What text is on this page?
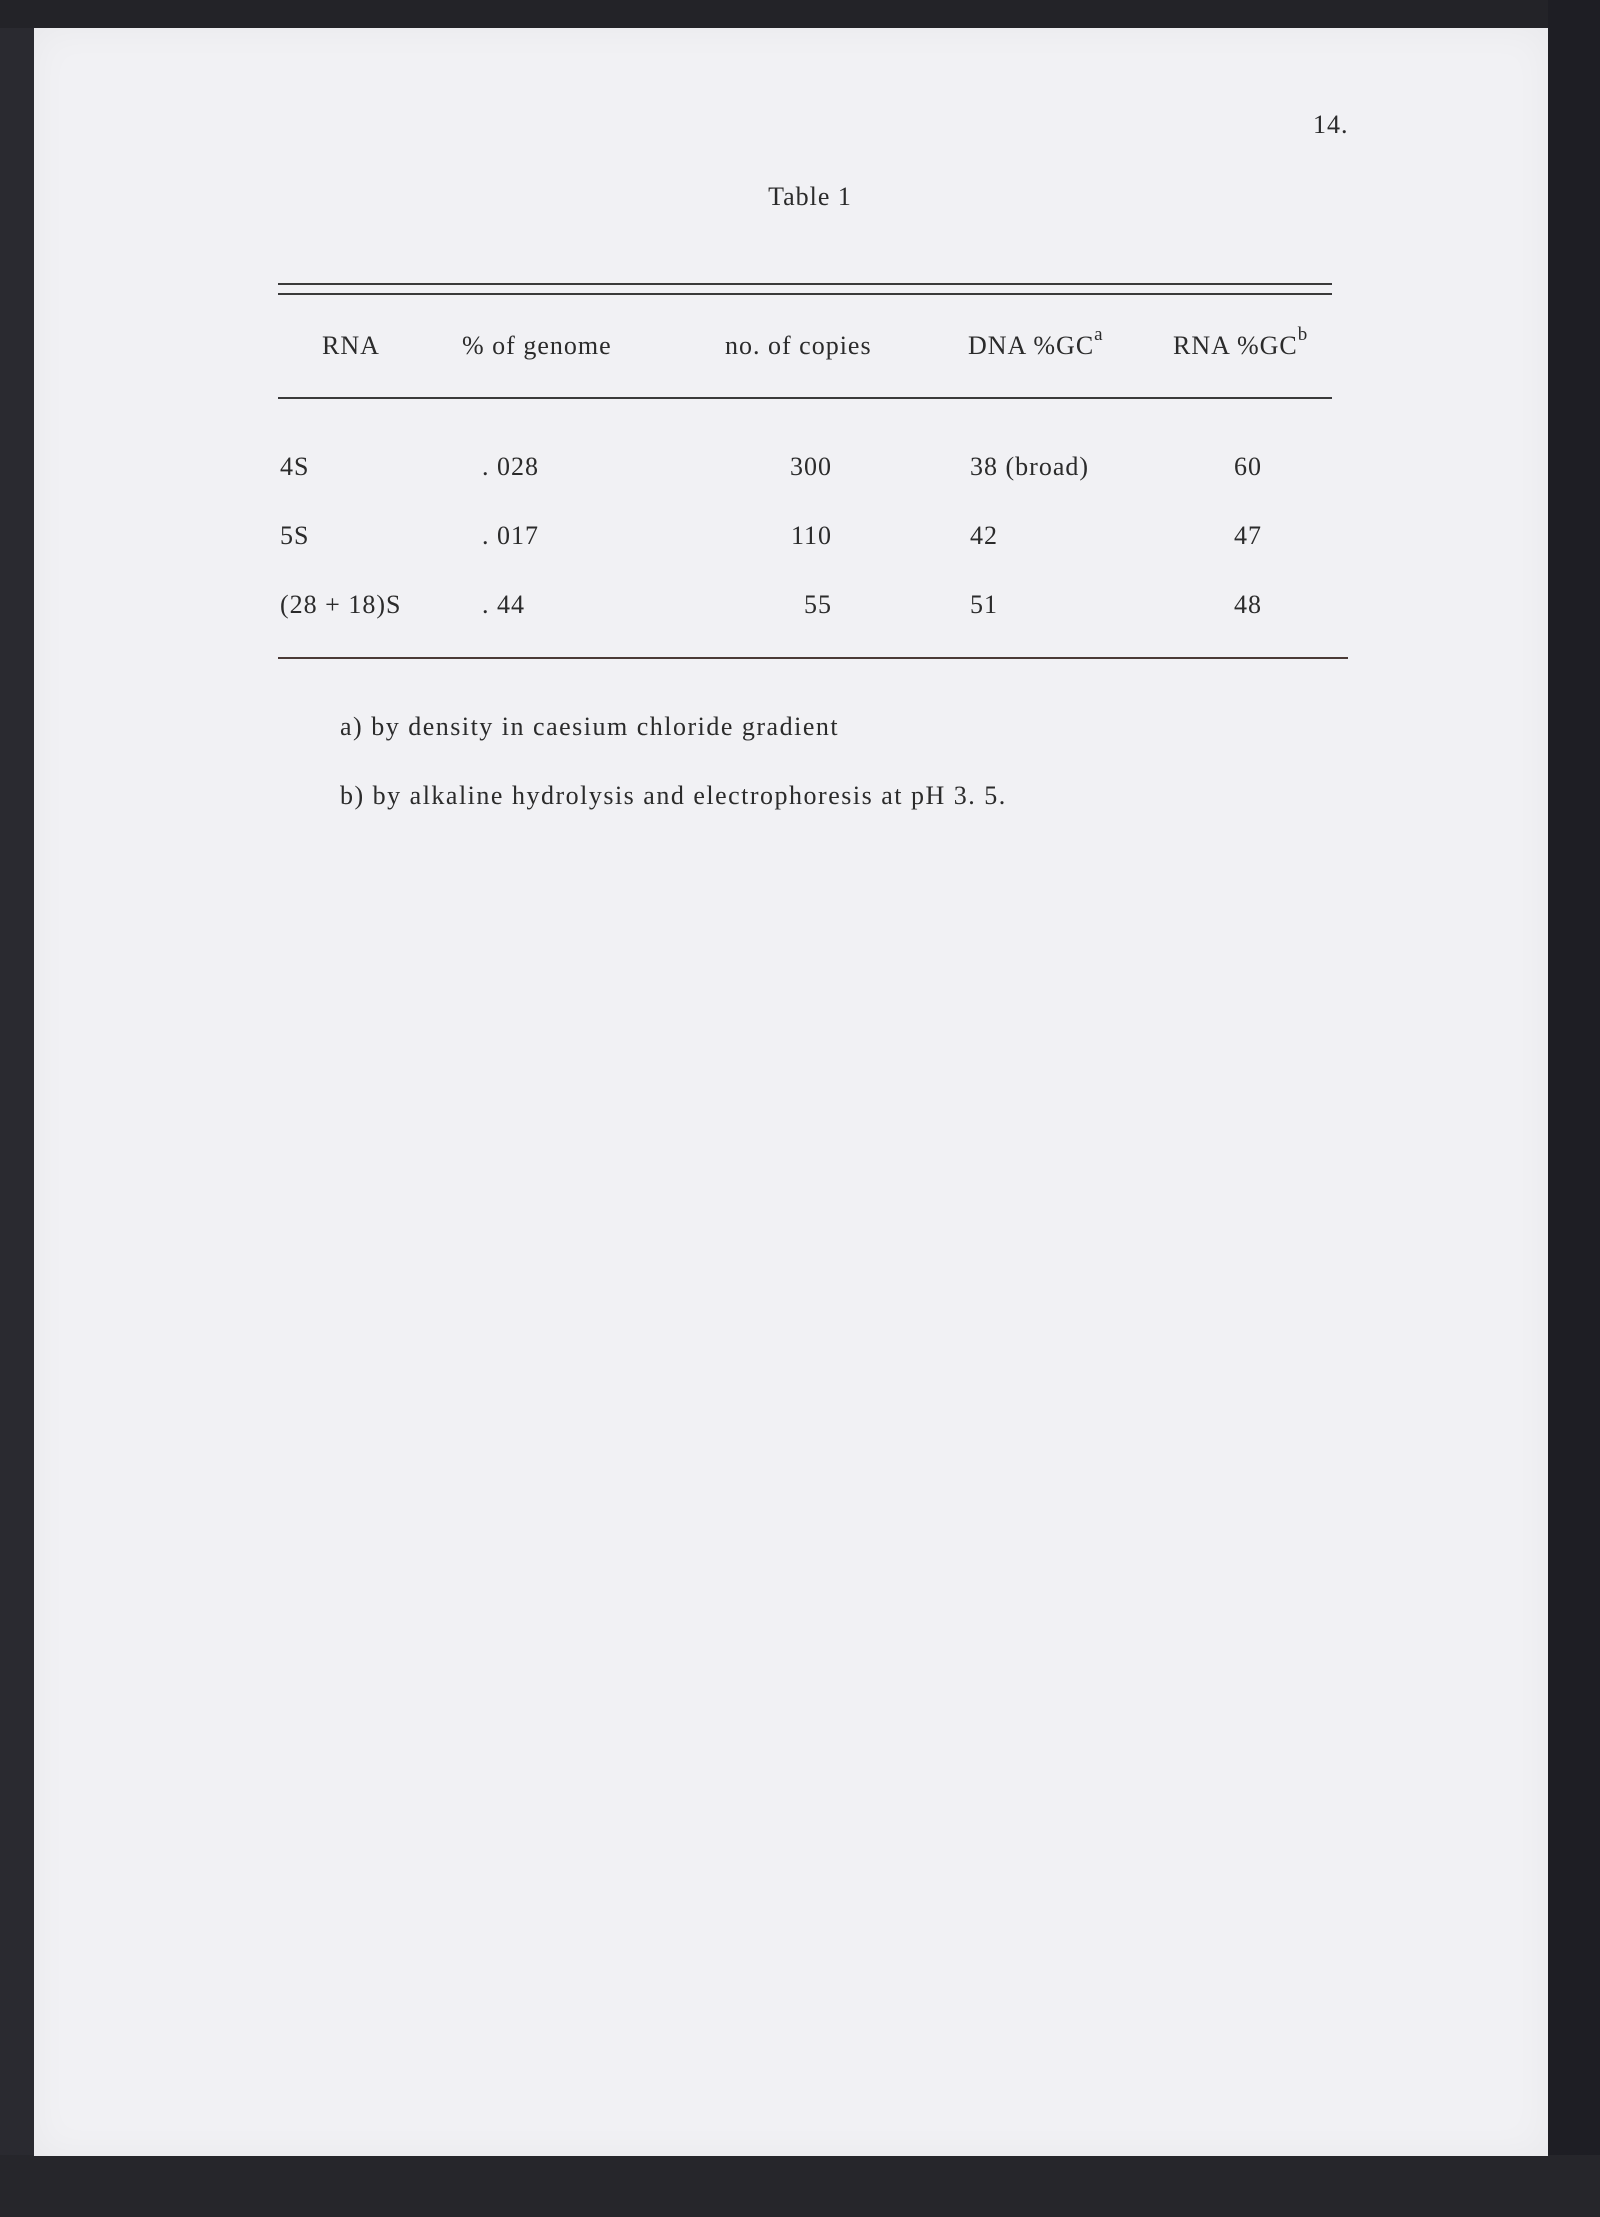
14.
Table 1
RNA	% of genome	no. of copies	DNA $\%GC^a$	RNA $\%GC^b$
4S	. 028	300	38 (broad)	60
5S	. 017	110	42	47
(28 + 18)S	. 44	55	51	48
a) by density in caesium chloride gradient
b) by alkaline hydrolysis and electrophoresis at pH 3. 5.
